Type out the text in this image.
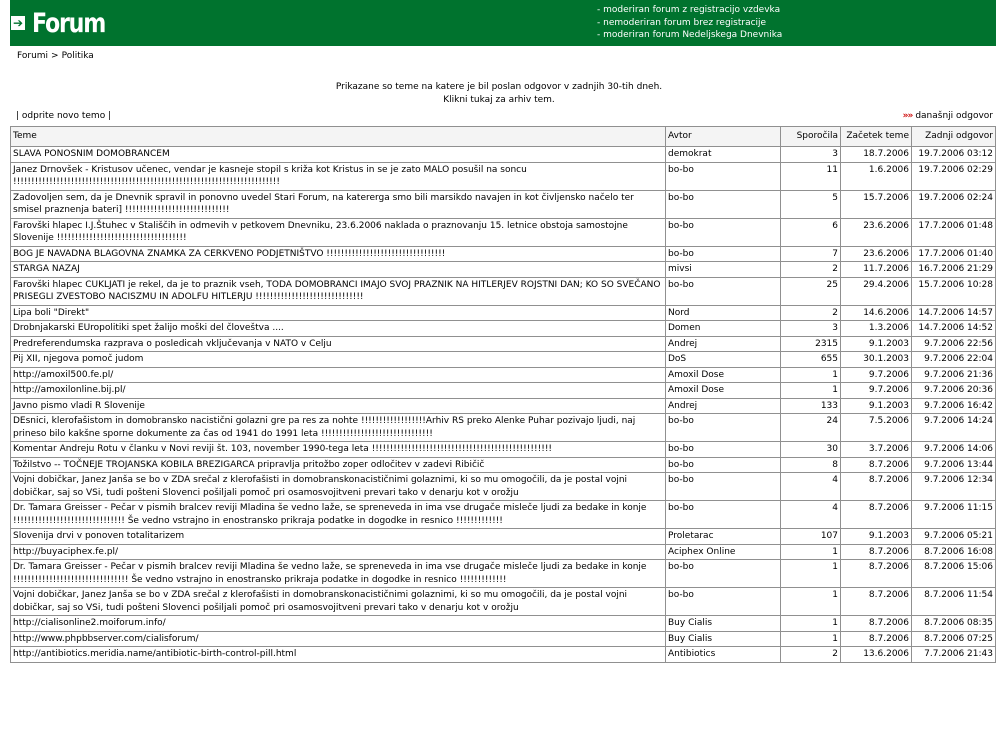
➔ Forum	- moderiran forum z registracijo vzdevka
- nemoderiran forum brez registracije
- moderiran forum Nedeljskega Dnevnika
Forumi > Politika
Prikazane so teme na katere je bil poslan odgovor v zadnjih 30-tih dneh.
Klikni tukaj za arhiv tem.
| odprite novo temo |	»» današnji odgovor
Teme	Avtor	Sporočila	Začetek teme	Zadnji odgovor
SLAVA PONOSNIM DOMOBRANCEM	demokrat	3	18.7.2006	19.7.2006 03:12
Janez Drnovšek - Kristusov učenec, vendar je kasneje stopil s križa kot Kristus in se je zato MALO posušil na soncu !!!!!!!!!!!!!!!!!!!!!!!!!!!!!!!!!!!!!!!!!!!!!!!!!!!!!!!!!!!!!!!!!!!!!!!!!!	bo-bo	11	1.6.2006	19.7.2006 02:29
Zadovoljen sem, da je Dnevnik spravil in ponovno uvedel Stari Forum, na katererga smo bili marsikdo navajen in kot čivljensko načelo ter smisel praznenja bateri] !!!!!!!!!!!!!!!!!!!!!!!!!!!!!	bo-bo	5	15.7.2006	19.7.2006 02:24
Farovški hlapec I.J.Štuhec v Stališčih in odmevih v petkovem Dnevniku, 23.6.2006 naklada o praznovanju 15. letnice obstoja samostojne Slovenije !!!!!!!!!!!!!!!!!!!!!!!!!!!!!!!!!!!!	bo-bo	6	23.6.2006	17.7.2006 01:48
BOG JE NAVADNA BLAGOVNA ZNAMKA ZA CERKVENO PODJETNIŠTVO !!!!!!!!!!!!!!!!!!!!!!!!!!!!!!!!!	bo-bo	7	23.6.2006	17.7.2006 01:40
STARGA NAZAJ	mivsi	2	11.7.2006	16.7.2006 21:29
Farovški hlapec CUKLJATI je rekel, da je to praznik vseh, TODA DOMOBRANCI IMAJO SVOJ PRAZNIK NA HITLERJEV ROJSTNI DAN; KO SO SVEČANO PRISEGLI ZVESTOBO NACISZMU IN ADOLFU HITLERJU !!!!!!!!!!!!!!!!!!!!!!!!!!!!!!	bo-bo	25	29.4.2006	15.7.2006 10:28
Lipa boli "Direkt"	Nord	2	14.6.2006	14.7.2006 14:57
Drobnjakarski EUropolitiki spet žalijo moški del človeštva ....	Domen	3	1.3.2006	14.7.2006 14:52
Predreferendumska razprava o posledicah vključevanja v NATO v Celju	Andrej	2315	9.1.2003	9.7.2006 22:56
Pij XII, njegova pomoč judom	DoS	655	30.1.2003	9.7.2006 22:04
http://amoxil500.fe.pl/	Amoxil Dose	1	9.7.2006	9.7.2006 21:36
http://amoxilonline.bij.pl/	Amoxil Dose	1	9.7.2006	9.7.2006 20:36
Javno pismo vladi R Slovenije	Andrej	133	9.1.2003	9.7.2006 16:42
DEsnici, klerofašistom in domobransko nacistični golazni gre pa res za nohte !!!!!!!!!!!!!!!!!!Arhiv RS preko Alenke Puhar pozivajo ljudi, naj prineso bilo kakšne sporne dokumente za čas od 1941 do 1991 leta !!!!!!!!!!!!!!!!!!!!!!!!!!!!!!!	bo-bo	24	7.5.2006	9.7.2006 14:24
Komentar Andreju Rotu v članku v Novi reviji št. 103, november 1990-tega leta !!!!!!!!!!!!!!!!!!!!!!!!!!!!!!!!!!!!!!!!!!!!!!!!!!	bo-bo	30	3.7.2006	9.7.2006 14:06
Tožilstvo -- TOČNEJE TROJANSKA KOBILA BREZIGARCA pripravlja pritožbo zoper odločitev v zadevi Ribičič	bo-bo	8	8.7.2006	9.7.2006 13:44
Vojni dobičkar, Janez Janša se bo v ZDA srečal z klerofašisti in domobranskonacističnimi golaznimi, ki so mu omogočili, da je postal vojni dobičkar, saj so VSi, tudi pošteni Slovenci pošiljali pomoč pri osamosvojitveni prevari tako v denarju kot v orožju	bo-bo	4	8.7.2006	9.7.2006 12:34
Dr. Tamara Greisser - Pečar v pismih bralcev reviji Mladina še vedno laže, se spreneveda in ima vse drugače misleče ljudi za bedake in konje !!!!!!!!!!!!!!!!!!!!!!!!!!!!!!! Še vedno vstrajno in enostransko prikraja podatke in dogodke in resnico !!!!!!!!!!!!!	bo-bo	4	8.7.2006	9.7.2006 11:15
Slovenija drvi v ponoven totalitarizem	Proletarac	107	9.1.2003	9.7.2006 05:21
http://buyaciphex.fe.pl/	Aciphex Online	1	8.7.2006	8.7.2006 16:08
Dr. Tamara Greisser - Pečar v pismih bralcev reviji Mladina še vedno laže, se spreneveda in ima vse drugače misleče ljudi za bedake in konje !!!!!!!!!!!!!!!!!!!!!!!!!!!!!!!! Še vedno vstrajno in enostransko prikraja podatke in dogodke in resnico !!!!!!!!!!!!!	bo-bo	1	8.7.2006	8.7.2006 15:06
Vojni dobičkar, Janez Janša se bo v ZDA srečal z klerofašisti in domobranskonacističnimi golaznimi, ki so mu omogočili, da je postal vojni dobičkar, saj so VSi, tudi pošteni Slovenci pošiljali pomoč pri osamosvojitveni prevari tako v denarju kot v orožju	bo-bo	1	8.7.2006	8.7.2006 11:54
http://cialisonline2.moiforum.info/	Buy Cialis	1	8.7.2006	8.7.2006 08:35
http://www.phpbbserver.com/cialisforum/	Buy Cialis	1	8.7.2006	8.7.2006 07:25
http://antibiotics.meridia.name/antibiotic-birth-control-pill.html	Antibiotics	2	13.6.2006	7.7.2006 21:43
